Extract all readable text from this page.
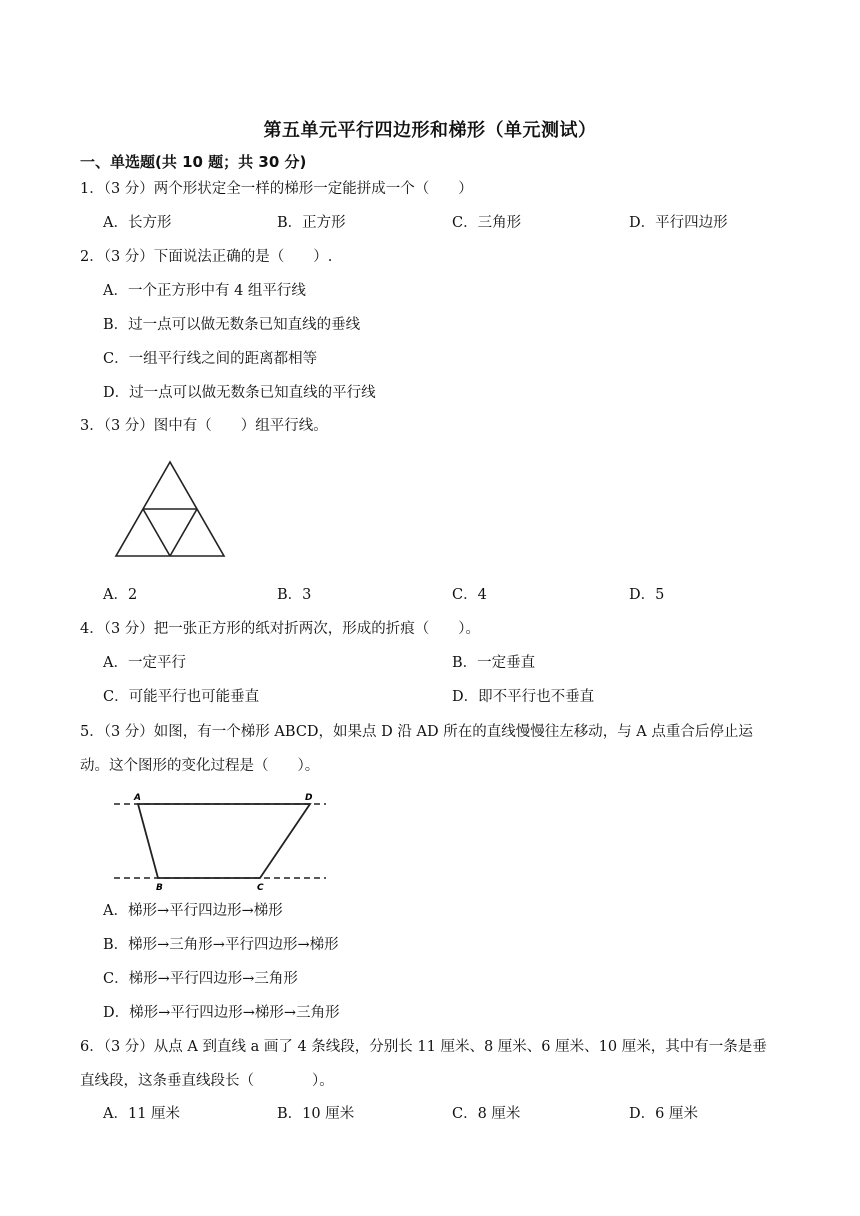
第五单元平行四边形和梯形（单元测试）
一、单选题(共 10 题；共 30 分)
1．（3 分）两个形状定全一样的梯形一定能拼成一个（　　）
A．长方形	B．正方形	C．三角形	D．平行四边形
2．（3 分）下面说法正确的是（　　）.
A．一个正方形中有 4 组平行线
B．过一点可以做无数条已知直线的垂线
C．一组平行线之间的距离都相等
D．过一点可以做无数条已知直线的平行线
3．（3 分）图中有（　　）组平行线。
A．2	B．3	C．4	D．5
4．（3 分）把一张正方形的纸对折两次，形成的折痕（　　）。
A．一定平行	B．一定垂直
C．可能平行也可能垂直	D．即不平行也不垂直
5．（3 分）如图，有一个梯形 ABCD，如果点 D 沿 AD 所在的直线慢慢往左移动，与 A 点重合后停止运
动。这个图形的变化过程是（　　）。
A	D
B	C
A．梯形→平行四边形→梯形
B．梯形→三角形→平行四边形→梯形
C．梯形→平行四边形→三角形
D．梯形→平行四边形→梯形→三角形
6．（3 分）从点 A 到直线 a 画了 4 条线段，分别长 11 厘米、8 厘米、6 厘米、10 厘米，其中有一条是垂
直线段，这条垂直线段长（　　　　）。
A．11 厘米	B．10 厘米	C．8 厘米	D．6 厘米
